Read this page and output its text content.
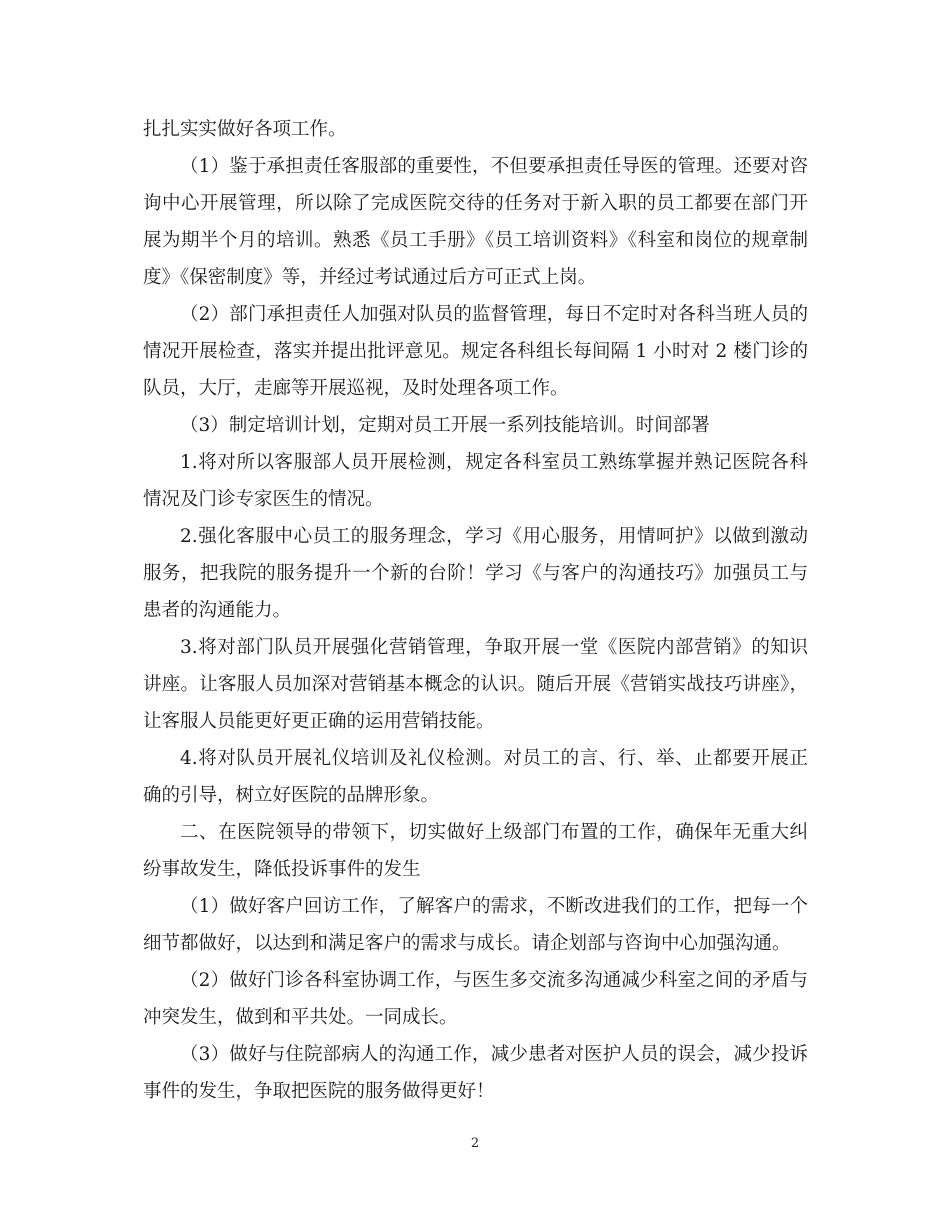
扎扎实实做好各项工作。

（1）鉴于承担责任客服部的重要性，不但要承担责任导医的管理。还要对咨询中心开展管理，所以除了完成医院交待的任务对于新入职的员工都要在部门开展为期半个月的培训。熟悉《员工手册》《员工培训资料》《科室和岗位的规章制度》《保密制度》等，并经过考试通过后方可正式上岗。

（2）部门承担责任人加强对队员的监督管理，每日不定时对各科当班人员的情况开展检查，落实并提出批评意见。规定各科组长每间隔 1 小时对 2 楼门诊的队员，大厅，走廊等开展巡视，及时处理各项工作。

（3）制定培训计划，定期对员工开展一系列技能培训。时间部署

1.将对所以客服部人员开展检测，规定各科室员工熟练掌握并熟记医院各科情况及门诊专家医生的情况。

2.强化客服中心员工的服务理念，学习《用心服务，用情呵护》以做到激动服务，把我院的服务提升一个新的台阶！学习《与客户的沟通技巧》加强员工与患者的沟通能力。

3.将对部门队员开展强化营销管理，争取开展一堂《医院内部营销》的知识讲座。让客服人员加深对营销基本概念的认识。随后开展《营销实战技巧讲座》，让客服人员能更好更正确的运用营销技能。

4.将对队员开展礼仪培训及礼仪检测。对员工的言、行、举、止都要开展正确的引导，树立好医院的品牌形象。

二、在医院领导的带领下，切实做好上级部门布置的工作，确保年无重大纠纷事故发生，降低投诉事件的发生

（1）做好客户回访工作，了解客户的需求，不断改进我们的工作，把每一个细节都做好，以达到和满足客户的需求与成长。请企划部与咨询中心加强沟通。

（2）做好门诊各科室协调工作，与医生多交流多沟通减少科室之间的矛盾与冲突发生，做到和平共处。一同成长。

（3）做好与住院部病人的沟通工作，减少患者对医护人员的误会，减少投诉事件的发生，争取把医院的服务做得更好！

2
